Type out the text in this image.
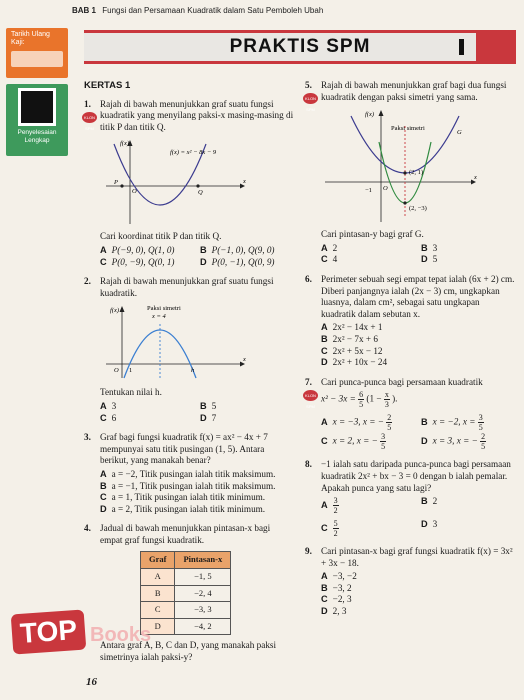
BAB 1 Fungsi dan Persamaan Kuadratik dalam Satu Pemboleh Ubah
Tarikh Ulang Kaji:
Penyelesaian Lengkap
PRAKTIS SPM
KERTAS 1
1.
KLON SPM
Rajah di bawah menunjukkan graf suatu fungsi kuadratik yang menyilang paksi-x masing-masing di titik P dan titik Q.
f(x)
f(x) = x² − 8x − 9
x
P
O	Q
Cari koordinat titik P dan titik Q.
A P(−9, 0), Q(1, 0)	B P(−1, 0), Q(9, 0)
C P(0, −9), Q(0, 1)	D P(0, −1), Q(0, 9)
2. Rajah di bawah menunjukkan graf suatu fungsi kuadratik.
f(x)	Paksi simetri
x = 4
x
O 1	h
Tentukan nilai h.
A 3	B 5
C 6	D 7
3. Graf bagi fungsi kuadratik f(x) = ax² − 4x + 7 mempunyai satu titik pusingan (1, 5). Antara berikut, yang manakah benar?
A a = −2, Titik pusingan ialah titik maksimum.
B a = −1, Titik pusingan ialah titik maksimum.
C a = 1, Titik pusingan ialah titik minimum.
D a = 2, Titik pusingan ialah titik minimum.
4. Jadual di bawah menunjukkan pintasan-x bagi empat graf fungsi kuadratik.
Graf	Pintasan-x
A	−1, 5
B	−2, 4
C	−3, 3
D	−4, 2
Antara graf A, B, C dan D, yang manakah paksi simetrinya ialah paksi-y?
5.
KLON SPM
Rajah di bawah menunjukkan graf bagi dua fungsi kuadratik dengan paksi simetri yang sama.
f(x)
Paksi simetri
G
(2, 1)
−1 O
(2, −3)
x
Cari pintasan-y bagi graf G.
A 2	B 3
C 4	D 5
6. Perimeter sebuah segi empat tepat ialah (6x + 2) cm. Diberi panjangnya ialah (2x − 3) cm, ungkapkan luasnya, dalam cm², sebagai satu ungkapan kuadratik dalam sebutan x.
A 2x² − 14x + 1
B 2x² − 7x + 6
C 2x² + 5x − 12
D 2x² + 10x − 24
7.
KLON SPM
Cari punca-punca bagi persamaan kuadratik
$x^2 - 3x = \frac{6}{5} (1 - \frac{x}{3}$ ).
A x = −3, x = − $\frac{2}{5}$	B x = −2, $x = \frac{3}{5}$
C x = 2, x = − $\frac{3}{5}$	D x = 3, x = − $\frac{2}{5}$
8. −1 ialah satu daripada punca-punca bagi persamaan kuadratik 2x² + bx − 3 = 0 dengan b ialah pemalar. Apakah punca yang satu lagi?
A $\frac{3}{2}$	B 2
C $\frac{5}{2}$	D 3
9. Cari pintasan-x bagi graf fungsi kuadratik f(x) = 3x² + 3x − 18.
A −3, −2
B −3, 2
C −2, 3
D 2, 3
16
TOP Books
